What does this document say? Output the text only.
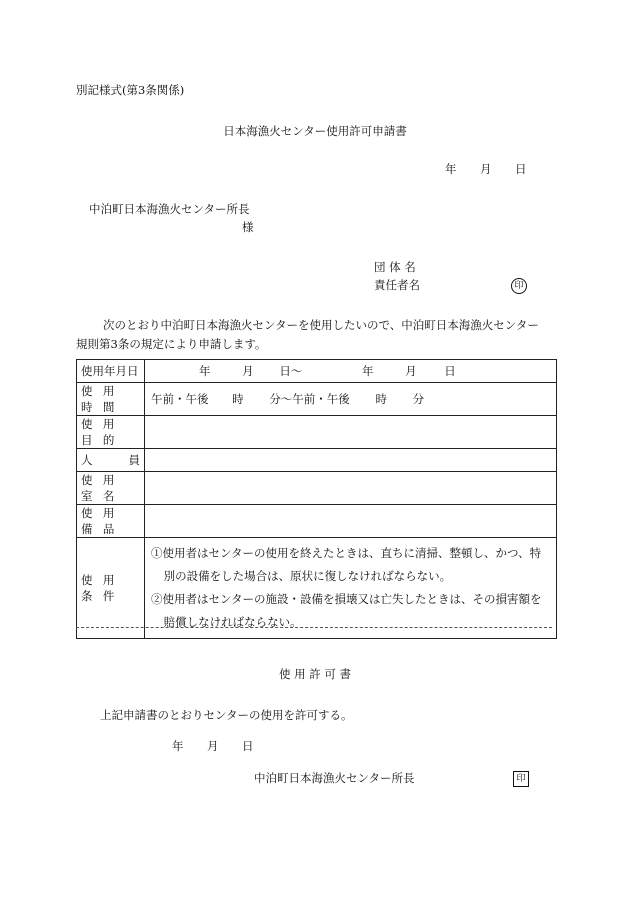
別記様式(第3条関係)
日本海漁火センター使用許可申請書
年 月 日
中泊町日本海漁火センター所長
様
団 体 名
責任者名	印
次のとおり中泊町日本海漁火センターを使用したいので、中泊町日本海漁火センター
規則第3条の規定により申請します。
使用年月日	年 月 日〜 年 月 日
使用時間	午前・午後 時 分〜午前・午後 時 分
使用目的	

人 員	

使用室名	
使用備品	
使用条件	①使用者はセンターの使用を終えたときは、直ちに清掃、整頓し、かつ、特別の設備をした場合は、原状に復しなければならない。

②使用者はセンターの施設・設備を損壊又は亡失したときは、その損害額を賠償しなければならない。

使 用 許 可 書
上記申請書のとおりセンターの使用を許可する。
年 月 日
中泊町日本海漁火センター所長	印
